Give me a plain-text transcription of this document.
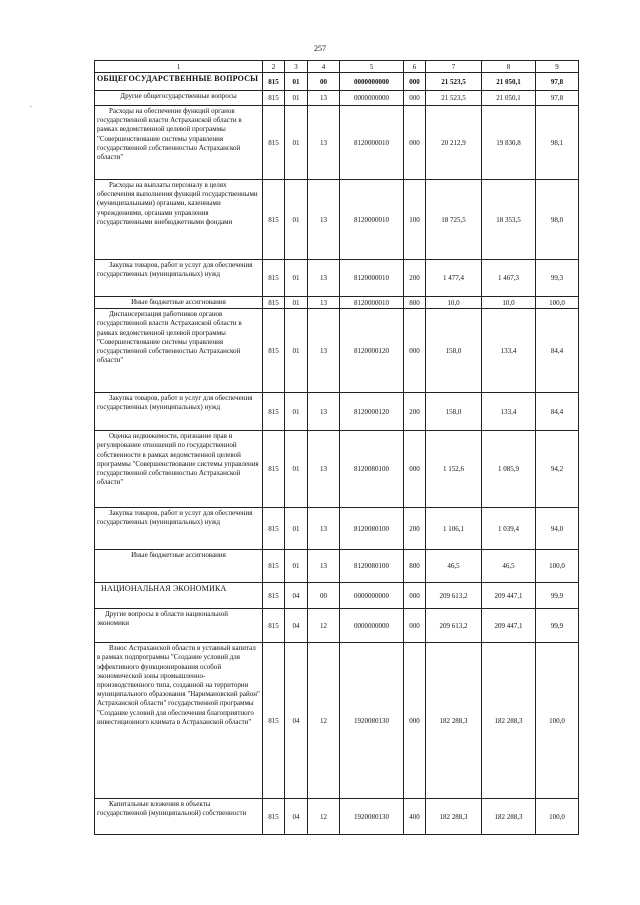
257
-
1	2	3	4	5	6	7	8	9
ОБЩЕГОСУДАРСТВЕННЫЕ ВОПРОСЫ	815	01	00	0000000000	000	21 523,5	21 050,1	97,8
Другие общегосударственные вопросы	815	01	13	0000000000	000	21 523,5	21 050,1	97,8
Расходы на обеспечение функций органов государственной власти Астраханской области в рамках ведомственной целевой программы "Совершенствование системы управления государственной собственностью Астраханской области"	815	01	13	8120000010	000	20 212,9	19 830,8	98,1
Расходы на выплаты персоналу в целях обеспечения выполнения функций государственными (муниципальными) органами, казенными учреждениями, органами управления государственными внебюджетными фондами	815	01	13	8120000010	100	18 725,5	18 353,5	98,0
Закупка товаров, работ и услуг для обеспечения государственных (муниципальных) нужд	815	01	13	8120000010	200	1 477,4	1 467,3	99,3
Иные бюджетные ассигнования	815	01	13	8120000010	800	10,0	10,0	100,0
Диспансеризация работников органов государственной власти Астраханской области в рамках ведомственной целевой программы "Совершенствование системы управления государственной собственностью Астраханской области"	815	01	13	8120000120	000	158,0	133,4	84,4
Закупка товаров, работ и услуг для обеспечения государственных (муниципальных) нужд	815	01	13	8120000120	200	158,0	133,4	84,4
Оценка недвижимости, признание прав и регулирование отношений по государственной собственности в рамках ведомственной целевой программы "Совершенствование системы управления государственной собственностью Астраханской области"	815	01	13	8120080100	000	1 152,6	1 085,9	94,2
Закупка товаров, работ и услуг для обеспечения государственных (муниципальных) нужд	815	01	13	8120080100	200	1 106,1	1 039,4	94,0
Иные бюджетные ассигнования	815	01	13	8120080100	800	46,5	46,5	100,0
НАЦИОНАЛЬНАЯ ЭКОНОМИКА	815	04	00	0000000000	000	209 613,2	209 447,1	99,9
Другие вопросы в области национальной экономики	815	04	12	0000000000	000	209 613,2	209 447,1	99,9
Взнос Астраханской области в уставный капитал в рамках подпрограммы "Создание условий для эффективного функционирования особой экономической зоны промышленно-производственного типа, созданной на территории муниципального образования "Наримановский район" Астраханской области" государственной программы "Создание условий для обеспечения благоприятного инвестиционного климата в Астраханской области"	815	04	12	1920080130	000	182 288,3	182 288,3	100,0
Капитальные вложения в объекты государственной (муниципальной) собственности	815	04	12	1920080130	400	182 288,3	182 288,3	100,0
